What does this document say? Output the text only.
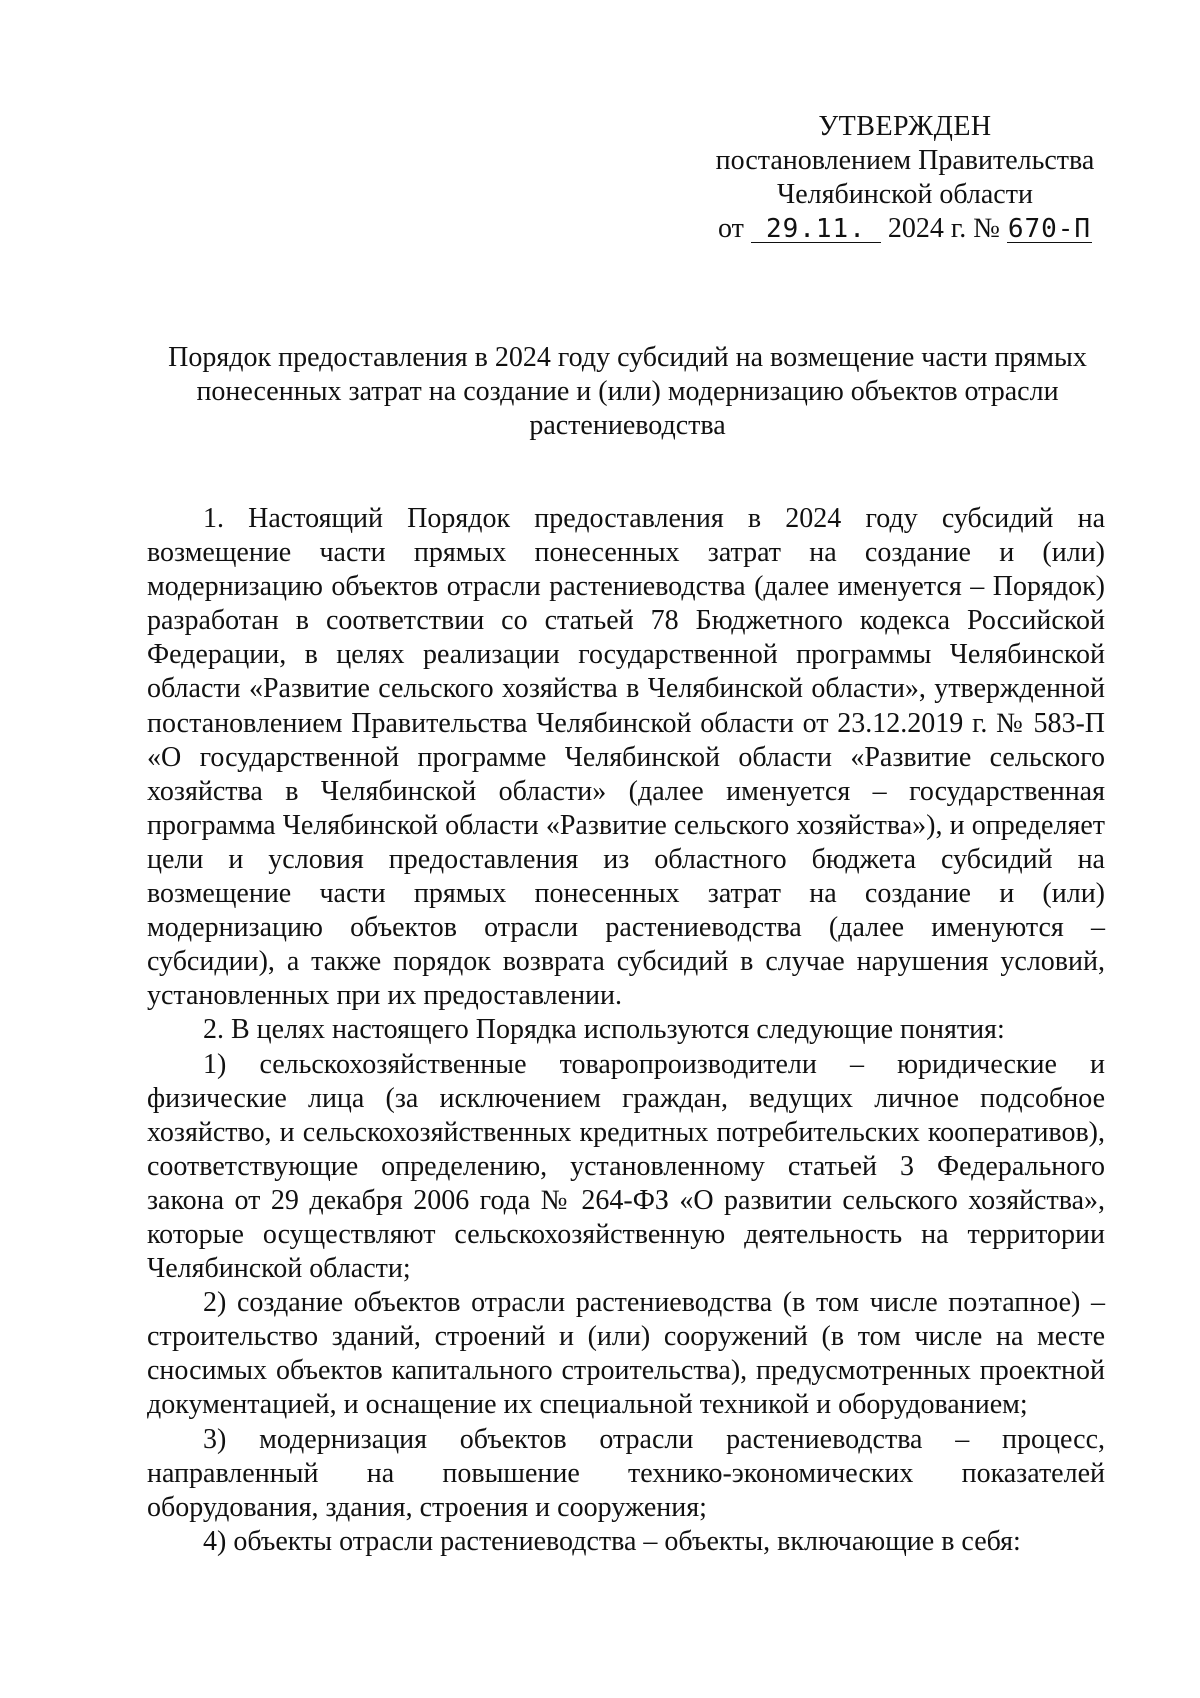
УТВЕРЖДЕН
постановлением Правительства
Челябинской области
от 29.11. 2024 г. № 670-П
Порядок предоставления в 2024 году субсидий на возмещение части прямых
понесенных затрат на создание и (или) модернизацию объектов отрасли
растениеводства

1. Настоящий Порядок предоставления в 2024 году субсидий на возмещение части прямых понесенных затрат на создание и (или) модернизацию объектов отрасли растениеводства (далее именуется – Порядок) разработан в соответствии со статьей 78 Бюджетного кодекса Российской Федерации, в целях реализации государственной программы Челябинской области «Развитие сельского хозяйства в Челябинской области», утвержденной постановлением Правительства Челябинской области от 23.12.2019 г. № 583-П «О государственной программе Челябинской области «Развитие сельского хозяйства в Челябинской области» (далее именуется – государственная программа Челябинской области «Развитие сельского хозяйства»), и определяет цели и условия предоставления из областного бюджета субсидий на возмещение части прямых понесенных затрат на создание и (или) модернизацию объектов отрасли растениеводства (далее именуются – субсидии), а также порядок возврата субсидий в случае нарушения условий, установленных при их предоставлении.

2. В целях настоящего Порядка используются следующие понятия:

1) сельскохозяйственные товаропроизводители – юридические и физические лица (за исключением граждан, ведущих личное подсобное хозяйство, и сельскохозяйственных кредитных потребительских кооперативов), соответствующие определению, установленному статьей 3 Федерального закона от 29 декабря 2006 года № 264-ФЗ «О развитии сельского хозяйства», которые осуществляют сельскохозяйственную деятельность на территории Челябинской области;

2) создание объектов отрасли растениеводства (в том числе поэтапное) – строительство зданий, строений и (или) сооружений (в том числе на месте сносимых объектов капитального строительства), предусмотренных проектной документацией, и оснащение их специальной техникой и оборудованием;

3) модернизация объектов отрасли растениеводства – процесс, направленный на повышение технико-экономических показателей оборудования, здания, строения и сооружения;

4) объекты отрасли растениеводства – объекты, включающие в себя:
